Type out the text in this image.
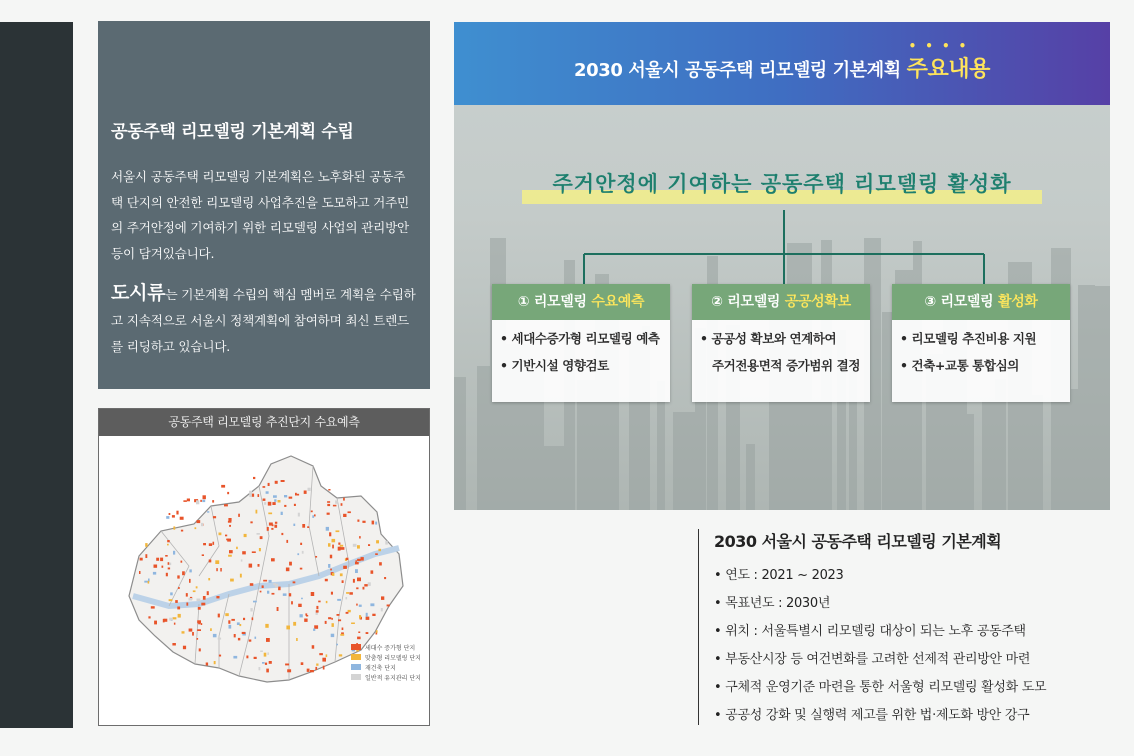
공동주택 리모델링 기본계획 수립

서울시 공동주택 리모델링 기본계획은 노후화된 공동주택 단지의 안전한 리모델링 사업추진을 도모하고 거주민의 주거안정에 기여하기 위한 리모델링 사업의 관리방안 등이 담겨있습니다.

도시류는 기본계획 수립의 핵심 멤버로 계획을 수립하고 지속적으로 서울시 정책계획에 참여하며 최신 트렌드를 리딩하고 있습니다.

공동주택 리모델링 추진단지 수요예측
세대수 증가형 단지
맞춤형 리모델링 단지
재건축 단지
일반적 유지관리 단지
2030 서울시 공동주택 리모델링 기본계획
••••
주요내용
주거안정에 기여하는 공동주택 리모델링 활성화
① 리모델링 수요예측
• 세대수증가형 리모델링 예측
• 기반시설 영향검토
② 리모델링 공공성확보
• 공공성 확보와 연계하여
주거전용면적 증가범위 결정
③ 리모델링 활성화
• 리모델링 추진비용 지원
• 건축+교통 통합심의
2030 서울시 공동주택 리모델링 기본계획

• 연도 : 2021 ~ 2023

• 목표년도 : 2030년

• 위치 : 서울특별시 리모델링 대상이 되는 노후 공동주택

• 부동산시장 등 여건변화를 고려한 선제적 관리방안 마련

• 구체적 운영기준 마련을 통한 서울형 리모델링 활성화 도모

• 공공성 강화 및 실행력 제고를 위한 법·제도화 방안 강구
